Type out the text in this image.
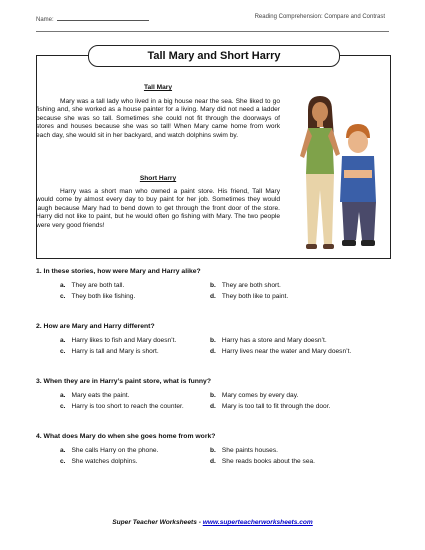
Name:	Reading Comprehension: Compare and Contrast
Tall Mary and Short Harry
Tall Mary
Mary was a tall lady who lived in a big house near the sea. She liked to go fishing and, she worked as a house painter for a living. Mary did not need a ladder because she was so tall. Sometimes she could not fit through the doorways of stores and houses because she was so tall! When Mary came home from work each day, she would sit in her backyard, and watch dolphins swim by.
Short Harry
Harry was a short man who owned a paint store. His friend, Tall Mary would come by almost every day to buy paint for her job. Sometimes they would laugh because Mary had to bend down to get through the front door of the store. Harry did not like to paint, but he would often go fishing with Mary. The two people were very good friends!
1. In these stories, how were Mary and Harry alike?
a. They are both tall.	b. They are both short.
c. They both like fishing.	d. They both like to paint.
2. How are Mary and Harry different?
a. Harry likes to fish and Mary doesn’t.	b. Harry has a store and Mary doesn’t.
c. Harry is tall and Mary is short.	d. Harry lives near the water and Mary doesn’t.
3. When they are in Harry’s paint store, what is funny?
a. Mary eats the paint.	b. Mary comes by every day.
c. Harry is too short to reach the counter.	d. Mary is too tall to fit through the door.
4. What does Mary do when she goes home from work?
a. She calls Harry on the phone.	b. She paints houses.
c. She watches dolphins.	d. She reads books about the sea.
Super Teacher Worksheets - www.superteacherworksheets.com
